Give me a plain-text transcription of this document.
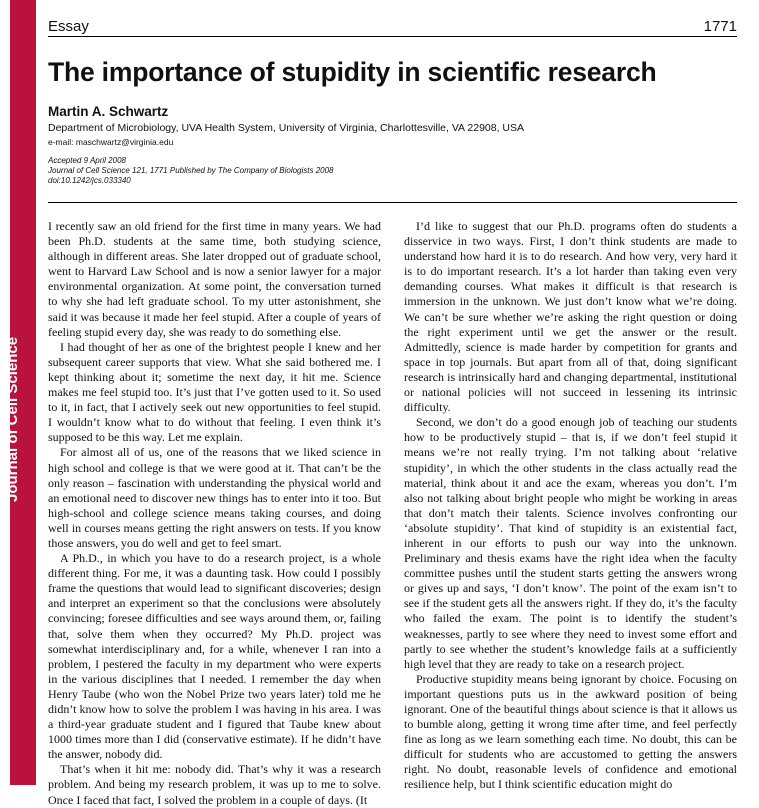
Journal of Cell Science
Essay	1771
The importance of stupidity in scientific research
Martin A. Schwartz
Department of Microbiology, UVA Health System, University of Virginia, Charlottesville, VA 22908, USA
e-mail: maschwartz@virginia.edu
Accepted 9 April 2008
Journal of Cell Science 121, 1771 Published by The Company of Biologists 2008
doi:10.1242/jcs.033340

I recently saw an old friend for the first time in many years. We had been Ph.D. students at the same time, both studying science, although in different areas. She later dropped out of graduate school, went to Harvard Law School and is now a senior lawyer for a major environmental organization. At some point, the conversation turned to why she had left graduate school. To my utter astonishment, she said it was because it made her feel stupid. After a couple of years of feeling stupid every day, she was ready to do something else.

I had thought of her as one of the brightest people I knew and her subsequent career supports that view. What she said bothered me. I kept thinking about it; sometime the next day, it hit me. Science makes me feel stupid too. It’s just that I’ve gotten used to it. So used to it, in fact, that I actively seek out new opportunities to feel stupid. I wouldn’t know what to do without that feeling. I even think it’s supposed to be this way. Let me explain.

For almost all of us, one of the reasons that we liked science in high school and college is that we were good at it. That can’t be the only reason – fascination with understanding the physical world and an emotional need to discover new things has to enter into it too. But high-school and college science means taking courses, and doing well in courses means getting the right answers on tests. If you know those answers, you do well and get to feel smart.

A Ph.D., in which you have to do a research project, is a whole different thing. For me, it was a daunting task. How could I possibly frame the questions that would lead to significant discoveries; design and interpret an experiment so that the conclusions were absolutely convincing; foresee difficulties and see ways around them, or, failing that, solve them when they occurred? My Ph.D. project was somewhat interdisciplinary and, for a while, whenever I ran into a problem, I pestered the faculty in my department who were experts in the various disciplines that I needed. I remember the day when Henry Taube (who won the Nobel Prize two years later) told me he didn’t know how to solve the problem I was having in his area. I was a third-year graduate student and I figured that Taube knew about 1000 times more than I did (conservative estimate). If he didn’t have the answer, nobody did.

That’s when it hit me: nobody did. That’s why it was a research problem. And being my research problem, it was up to me to solve. Once I faced that fact, I solved the problem in a couple of days. (It

I’d like to suggest that our Ph.D. programs often do students a disservice in two ways. First, I don’t think students are made to understand how hard it is to do research. And how very, very hard it is to do important research. It’s a lot harder than taking even very demanding courses. What makes it difficult is that research is immersion in the unknown. We just don’t know what we’re doing. We can’t be sure whether we’re asking the right question or doing the right experiment until we get the answer or the result. Admittedly, science is made harder by competition for grants and space in top journals. But apart from all of that, doing significant research is intrinsically hard and changing departmental, institutional or national policies will not succeed in lessening its intrinsic difficulty.

Second, we don’t do a good enough job of teaching our students how to be productively stupid – that is, if we don’t feel stupid it means we’re not really trying. I’m not talking about ‘relative stupidity’, in which the other students in the class actually read the material, think about it and ace the exam, whereas you don’t. I’m also not talking about bright people who might be working in areas that don’t match their talents. Science involves confronting our ‘absolute stupidity’. That kind of stupidity is an existential fact, inherent in our efforts to push our way into the unknown. Preliminary and thesis exams have the right idea when the faculty committee pushes until the student starts getting the answers wrong or gives up and says, ‘I don’t know’. The point of the exam isn’t to see if the student gets all the answers right. If they do, it’s the faculty who failed the exam. The point is to identify the student’s weaknesses, partly to see where they need to invest some effort and partly to see whether the student’s knowledge fails at a sufficiently high level that they are ready to take on a research project.

Productive stupidity means being ignorant by choice. Focusing on important questions puts us in the awkward position of being ignorant. One of the beautiful things about science is that it allows us to bumble along, getting it wrong time after time, and feel perfectly fine as long as we learn something each time. No doubt, this can be difficult for students who are accustomed to getting the answers right. No doubt, reasonable levels of confidence and emotional resilience help, but I think scientific education might do
